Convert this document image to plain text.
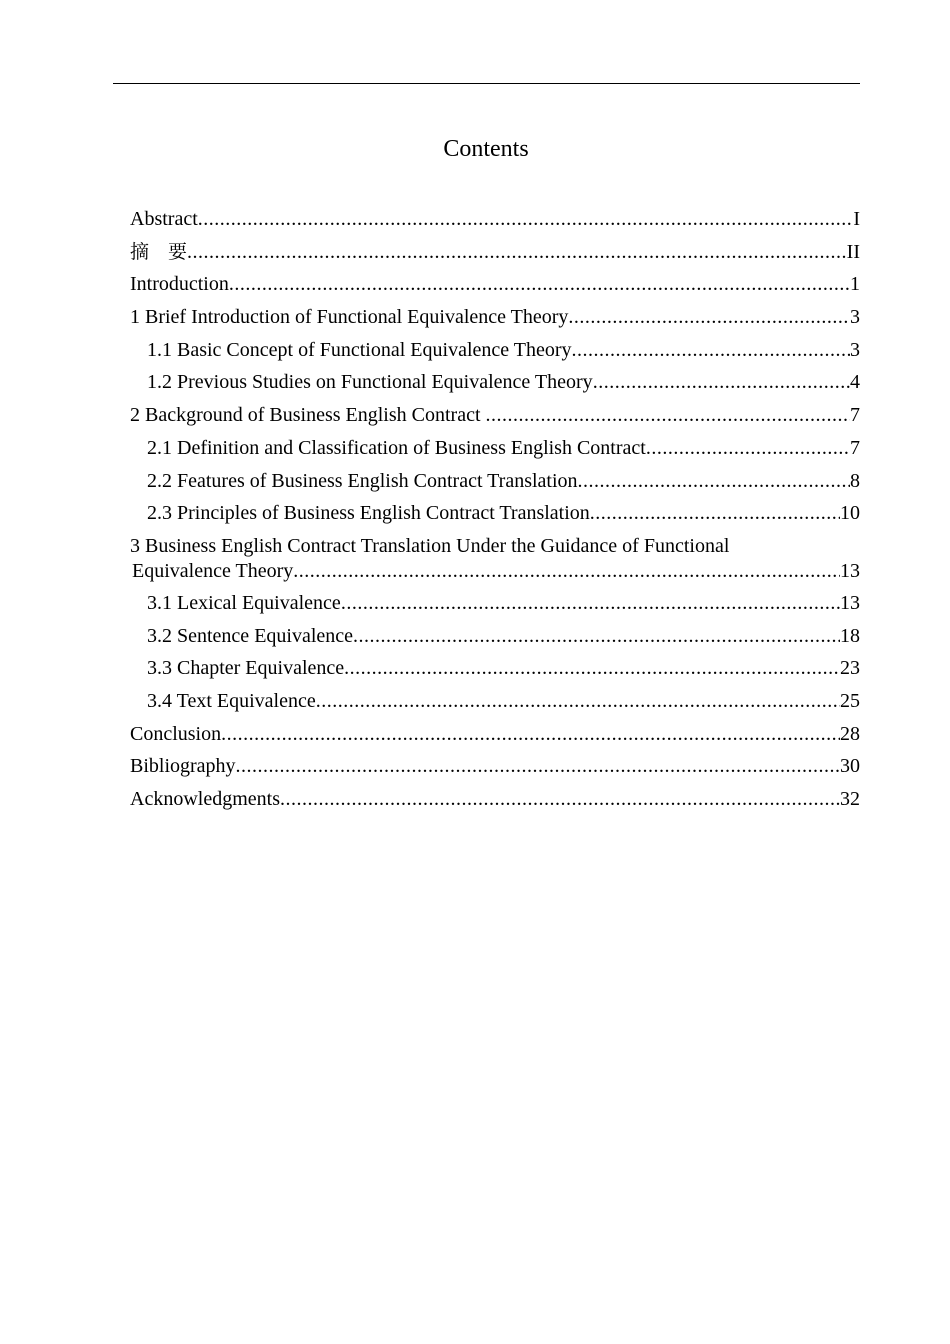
Contents
Abstract .....	I
摘　要 .....	II
Introduction .....	1
1 Brief Introduction of Functional Equivalence Theory .....	3
1.1 Basic Concept of Functional Equivalence Theory .....	3
1.2 Previous Studies on Functional Equivalence Theory .....	4
2 Background of Business English Contract .....	7
2.1 Definition and Classification of Business English Contract .....	7
2.2 Features of Business English Contract Translation .....	8
2.3 Principles of Business English Contract Translation .....	10
3 Business English Contract Translation Under the Guidance of Functional
Equivalence Theory .....	13
3.1 Lexical Equivalence .....	13
3.2 Sentence Equivalence .....	18
3.3 Chapter Equivalence .....	23
3.4 Text Equivalence .....	25
Conclusion .....	28
Bibliography .....	30
Acknowledgments .....	32
